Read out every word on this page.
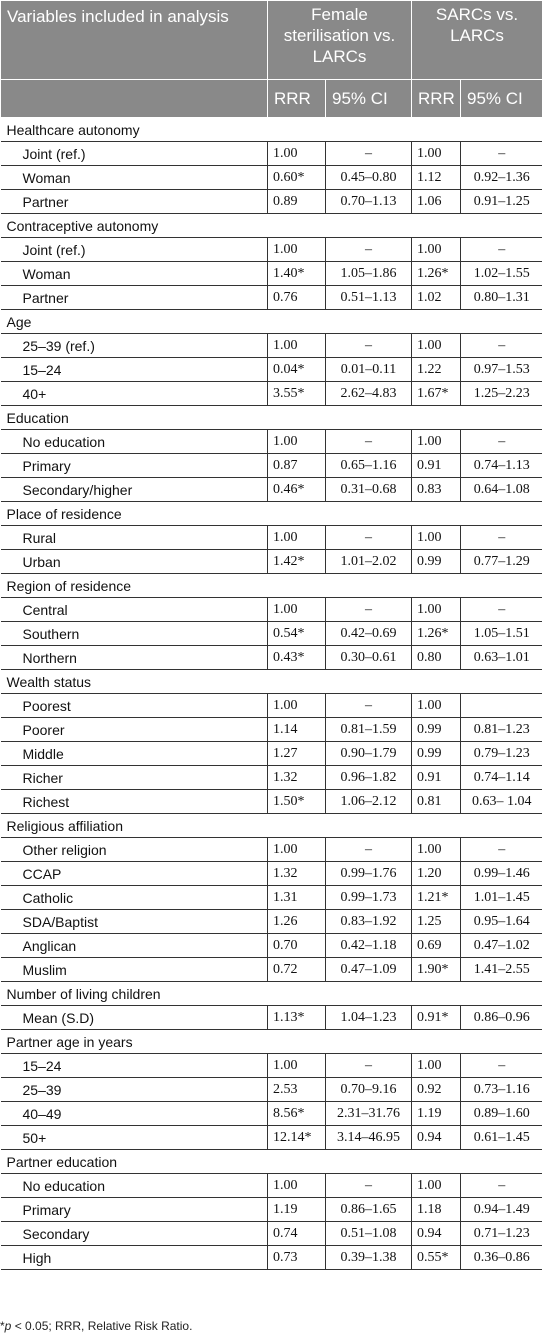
Variables included in analysis	Female sterilisation vs. LARCs		SARCs vs. LARCs	
	RRR	95% CI	RRR	95% CI
Healthcare autonomy				
Joint (ref.)	1.00	–	1.00	–
Woman	0.60*	0.45–0.80	1.12	0.92–1.36
Partner	0.89	0.70–1.13	1.06	0.91–1.25
Contraceptive autonomy				
Joint (ref.)	1.00	–	1.00	–
Woman	1.40*	1.05–1.86	1.26*	1.02–1.55
Partner	0.76	0.51–1.13	1.02	0.80–1.31
Age				
25–39 (ref.)	1.00	–	1.00	–
15–24	0.04*	0.01–0.11	1.22	0.97–1.53
40+	3.55*	2.62–4.83	1.67*	1.25–2.23
Education				
No education	1.00	–	1.00	–
Primary	0.87	0.65–1.16	0.91	0.74–1.13
Secondary/higher	0.46*	0.31–0.68	0.83	0.64–1.08
Place of residence				
Rural	1.00	–	1.00	–
Urban	1.42*	1.01–2.02	0.99	0.77–1.29
Region of residence				
Central	1.00	–	1.00	–
Southern	0.54*	0.42–0.69	1.26*	1.05–1.51
Northern	0.43*	0.30–0.61	0.80	0.63–1.01
Wealth status				
Poorest	1.00	–	1.00	
Poorer	1.14	0.81–1.59	0.99	0.81–1.23
Middle	1.27	0.90–1.79	0.99	0.79–1.23
Richer	1.32	0.96–1.82	0.91	0.74–1.14
Richest	1.50*	1.06–2.12	0.81	0.63– 1.04
Religious affiliation				
Other religion	1.00	–	1.00	–
CCAP	1.32	0.99–1.76	1.20	0.99–1.46
Catholic	1.31	0.99–1.73	1.21*	1.01–1.45
SDA/Baptist	1.26	0.83–1.92	1.25	0.95–1.64
Anglican	0.70	0.42–1.18	0.69	0.47–1.02
Muslim	0.72	0.47–1.09	1.90*	1.41–2.55
Number of living children				
Mean (S.D)	1.13*	1.04–1.23	0.91*	0.86–0.96
Partner age in years				
15–24	1.00	–	1.00	–
25–39	2.53	0.70–9.16	0.92	0.73–1.16
40–49	8.56*	2.31–31.76	1.19	0.89–1.60
50+	12.14*	3.14–46.95	0.94	0.61–1.45
Partner education				
No education	1.00	–	1.00	–
Primary	1.19	0.86–1.65	1.18	0.94–1.49
Secondary	0.74	0.51–1.08	0.94	0.71–1.23
High	0.73	0.39–1.38	0.55*	0.36–0.86
*p < 0.05; RRR, Relative Risk Ratio.
